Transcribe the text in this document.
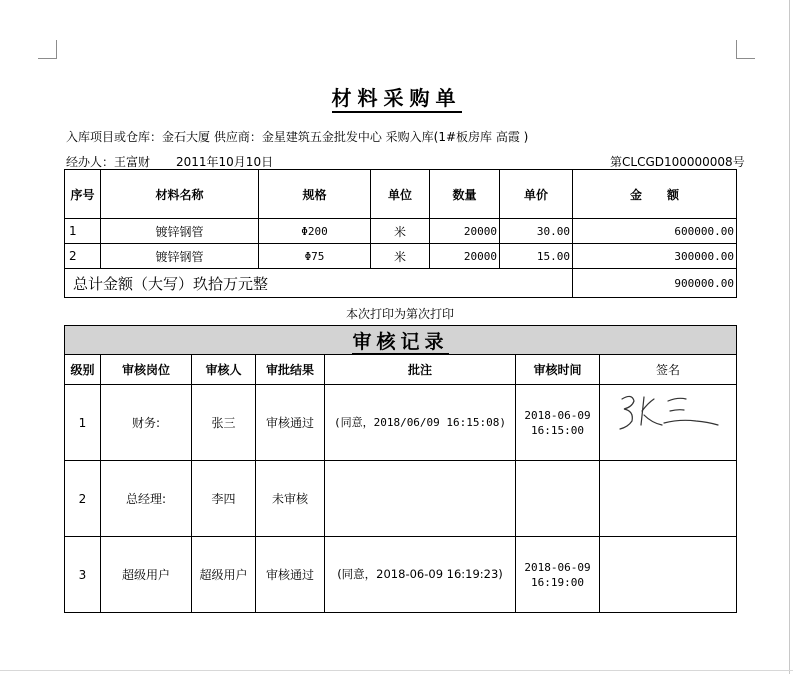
材料采购单
入库项目或仓库：金石大厦 供应商：金星建筑五金批发中心 采购入库(1#板房库 高霞 )
经办人：王富财 2011年10月10日	第CLCGD100000008号
序号	材料名称	规格	单位	数量	单价	金      额
1	镀锌钢管	Φ200	米	20000	30.00	600000.00
2	镀锌钢管	Φ75	米	20000	15.00	300000.00
总计金额（大写）玖拾万元整						900000.00
本次打印为第次打印
审核记录						
级别	审核岗位	审核人	审批结果	批注	审核时间	签名
1	财务:	张三	审核通过	(同意，2018/06/09 16:15:08)	2018-06-09 16:15:00	

2	总经理:	李四	未审核			
3	超级用户	超级用户	审核通过	(同意，2018-06-09 16:19:23)	2018-06-09 16:19:00	
